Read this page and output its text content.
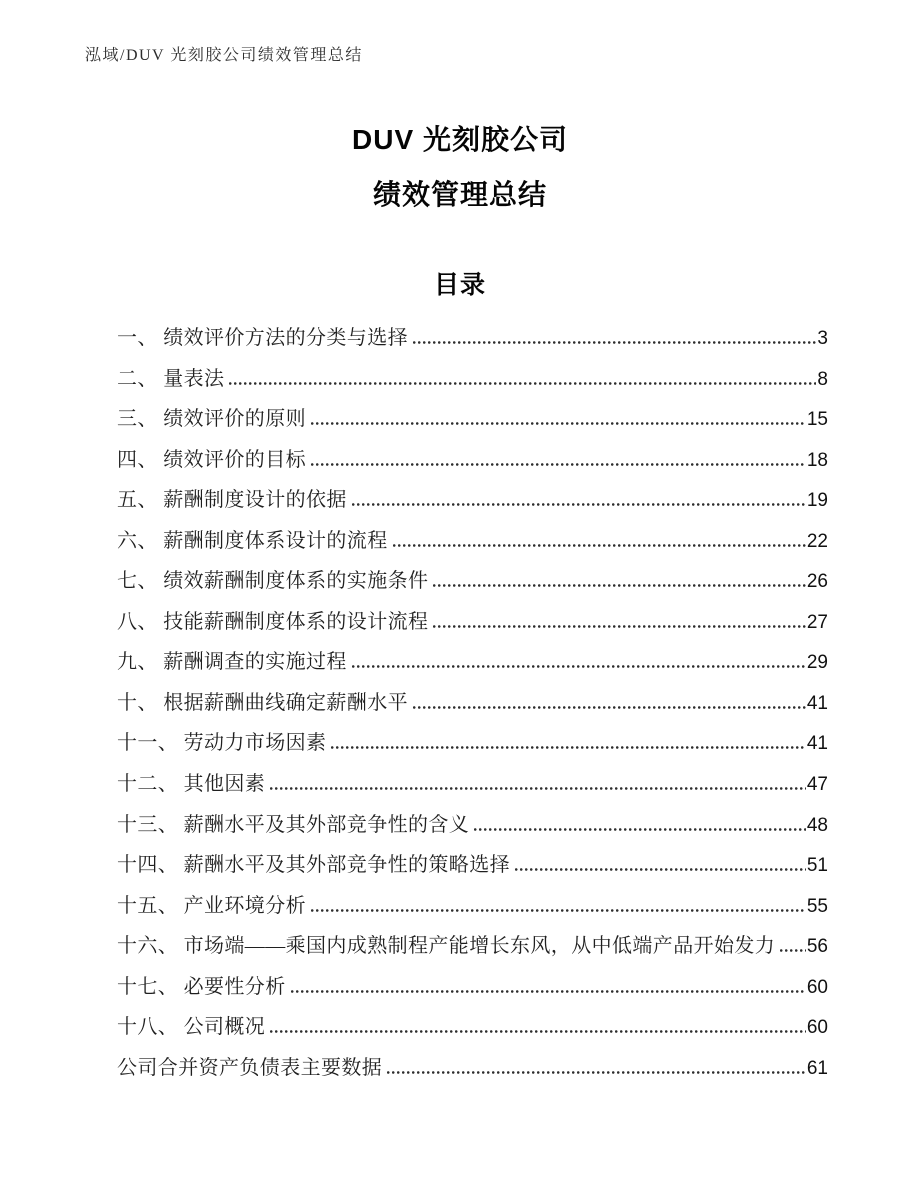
泓域/DUV 光刻胶公司绩效管理总结
DUV 光刻胶公司
绩效管理总结
目录
一、 绩效评价方法的分类与选择	3
二、 量表法	8
三、 绩效评价的原则	15
四、 绩效评价的目标	18
五、 薪酬制度设计的依据	19
六、 薪酬制度体系设计的流程	22
七、 绩效薪酬制度体系的实施条件	26
八、 技能薪酬制度体系的设计流程	27
九、 薪酬调查的实施过程	29
十、 根据薪酬曲线确定薪酬水平	41
十一、 劳动力市场因素	41
十二、 其他因素	47
十三、 薪酬水平及其外部竞争性的含义	48
十四、 薪酬水平及其外部竞争性的策略选择	51
十五、 产业环境分析	55
十六、 市场端——乘国内成熟制程产能增长东风，从中低端产品开始发力 56
十七、 必要性分析	60
十八、 公司概况	60
公司合并资产负债表主要数据	61
